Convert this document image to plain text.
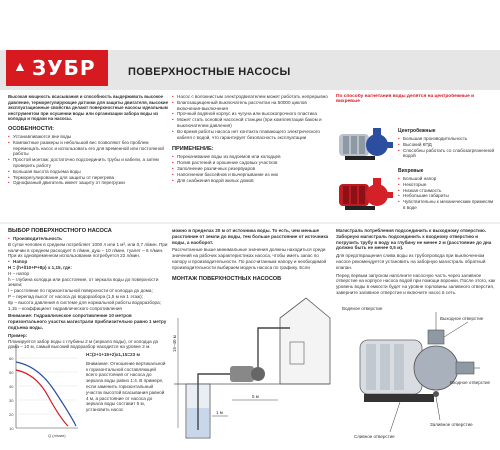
▲ ЗУБР	ПОВЕРХНОСТНЫЕ НАСОСЫ
Высокая мощность всасывания и способность выдерживать высокое давление, терморегулирующие датчики для защиты двигателя, высокие эксплуатационные свойства делают поверхностные насосы идеальным инструментом при осушении воды или организации забора воды из колодца и подачи на насосы.
ОСОБЕННОСТИ:
• Устанавливаются вне воды
• Компактные размеры и небольшой вес позволяют без проблем перемещать насос и использовать его для временной или постоянной работы
• Простой монтаж: достаточно подсоединить трубы и кабели, а затем проверить работу
• Большая высота подъема воды
• Терморегулирование для защиты от перегрева
• Однофазный двигатель имеет защиту от перегрузки
• Насос с волокнистым электродвигателем может работать непрерывно
• Влагозащищенный выключатель рассчитан на 50000 циклов включения-выключения
• Прочный водяной корпус из чугуна или высокопрочного пластика
• Может стать основой насосной станции (при комплектации баком и выключателем давления)
• Во время работы насоса нет контакта плавающего электрического кабеля с водой, что гарантирует безопасность эксплуатации
ПРИМЕНЕНИЕ:
• Перекачивание воды из водоемов или колодцев
• Полив растений и орошение садовых участков
• Заполнение различных резервуаров
• Наполнение бассейнов и вычерпывание из них
• Для снабжения водой жилых домов
По способу нагнетания воды делятся на центробежные и вихревые
Центробежные
• Большая производительность
• Высокий КПД
• Способны работать со слабозагрязненной водой
Вихревые
• Большой напор
• Некоторые
• Низкая стоимость
• Небольшие габариты
• Чувствительны к механическим примесям в воде
ВЫБОР ПОВЕРХНОСТНОГО НАСОСА
• Производительность
В сутки человек в среднем потребляет 1000 л или 1 м³, или 0,7 л/мин. При наличии в среднем расходует 6 л/мин, душ – 10 л/мин, туалет – 6 л/мин. При их одновременном использовании потребуется 22 л/мин.
• Напор
H = (h+l/10+Р+8р) x 1,15, где:
H – напор
h – глубина колодца или расстояние, от зеркала воды до поверхности земли;
l – расстояние по горизонтальной поверхности от колодца до дома;
P – перепад высот от насоса до водоразбора (1,5 м на 1 этаж);
8р – высота давления в системе для нормальной работы водоразбора;
1,15 – коэффициент гидравлического сопротивления
Внимание: Гидравлическое сопротивление 10 метров горизонтального участка магистрали приблизительно равно 1 метру подъема воды.
Пример:
Планируется забор воды с глубины 2 м (зеркало воды), от колодца до дома – 10 м, самый высокий водоразбор находится на уровне 2 м.
60
50
40
30
20
10
Q (л/мин)
H=(2+1+15+2)x1,15=23 м
Внимание: Отношение вертикальной к горизонтальной составляющей всего расстояния от насоса до зеркала воды равно 1:4. В примере, если заменить горизонтальный участок высотой всасывания равной 4 м, а расстояние от насоса до зеркала воды составит 5 м, установить насос
можно в пределах 20 м от источника воды. То есть, чем меньше расстояние от земли до воды, тем больше расстояние от источника воды, а наоборот.
Рассчитанные выше минимальные значения должны находиться среди значений на рабочих характеристиках насоса, чтобы иметь запас по напору и производительности. По рассчитанным напору и необходимой производительности выбираем модель насоса по графику. Если
МОНТАЖ ПОВЕРХНОСТНЫХ НАСОСОВ
15–40 м
1 м
5 м
Магистраль потребления подсоединить к выходному отверстию. Заборную магистраль подсоединить к входному отверстию и погрузить трубу в воду на глубину не менее 2 м (расстояние до дна должно быть не менее 0,5 м).
Для предотвращения слива воды из трубопровода при выключенном насосе рекомендуется установить на заборную магистраль обратный клапан.
Перед первым запуском наполните насосную часть через заливное отверстие на корпусе насоса водой при помощи воронки. После этого, как уровень воды в емкости будет на уровне горловины заливного отверстия, заверните заливное отверстие и включите насос в сеть.
Водяное отверстие
Выходное отверстие
Входное отверстие
Заливное отверстие
Сливное отверстие
